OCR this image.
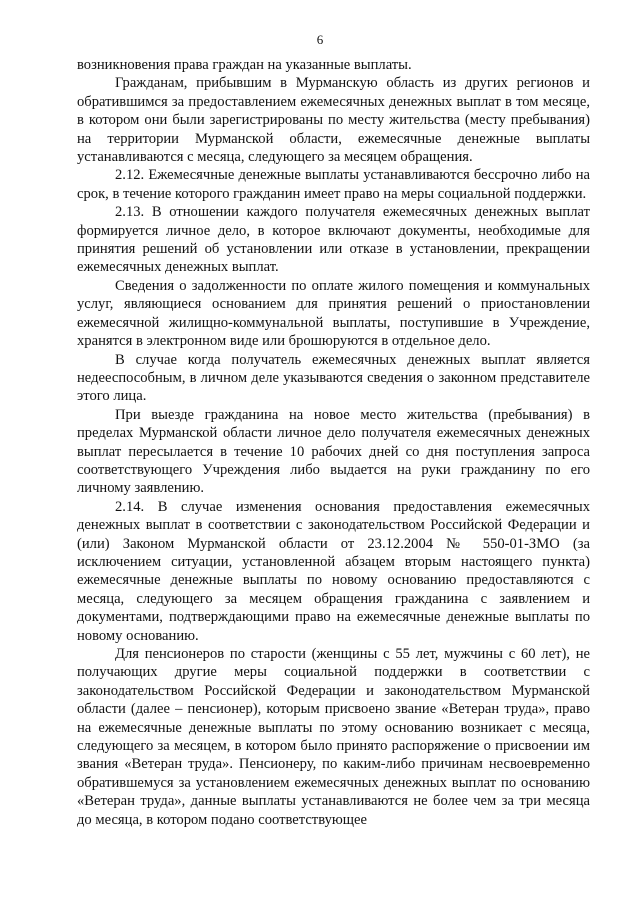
6

возникновения права граждан на указанные выплаты.

Гражданам, прибывшим в Мурманскую область из других регионов и обратившимся за предоставлением ежемесячных денежных выплат в том месяце, в котором они были зарегистрированы по месту жительства (месту пребывания) на территории Мурманской области, ежемесячные денежные выплаты устанавливаются с месяца, следующего за месяцем обращения.

2.12. Ежемесячные денежные выплаты устанавливаются бессрочно либо на срок, в течение которого гражданин имеет право на меры социальной поддержки.

2.13. В отношении каждого получателя ежемесячных денежных выплат формируется личное дело, в которое включают документы, необходимые для принятия решений об установлении или отказе в установлении, прекращении ежемесячных денежных выплат.

Сведения о задолженности по оплате жилого помещения и коммунальных услуг, являющиеся основанием для принятия решений о приостановлении ежемесячной жилищно-коммунальной выплаты, поступившие в Учреждение, хранятся в электронном виде или брошюруются в отдельное дело.

В случае когда получатель ежемесячных денежных выплат является недееспособным, в личном деле указываются сведения о законном представителе этого лица.

При выезде гражданина на новое место жительства (пребывания) в пределах Мурманской области личное дело получателя ежемесячных денежных выплат пересылается в течение 10 рабочих дней со дня поступления запроса соответствующего Учреждения либо выдается на руки гражданину по его личному заявлению.

2.14. В случае изменения основания предоставления ежемесячных денежных выплат в соответствии с законодательством Российской Федерации и (или) Законом Мурманской области от 23.12.2004 № 550-01-ЗМО (за исключением ситуации, установленной абзацем вторым настоящего пункта) ежемесячные денежные выплаты по новому основанию предоставляются с месяца, следующего за месяцем обращения гражданина с заявлением и документами, подтверждающими право на ежемесячные денежные выплаты по новому основанию.

Для пенсионеров по старости (женщины с 55 лет, мужчины с 60 лет), не получающих другие меры социальной поддержки в соответствии с законодательством Российской Федерации и законодательством Мурманской области (далее – пенсионер), которым присвоено звание «Ветеран труда», право на ежемесячные денежные выплаты по этому основанию возникает с месяца, следующего за месяцем, в котором было принято распоряжение о присвоении им звания «Ветеран труда». Пенсионеру, по каким-либо причинам несвоевременно обратившемуся за установлением ежемесячных денежных выплат по основанию «Ветеран труда», данные выплаты устанавливаются не более чем за три месяца до месяца, в котором подано соответствующее
